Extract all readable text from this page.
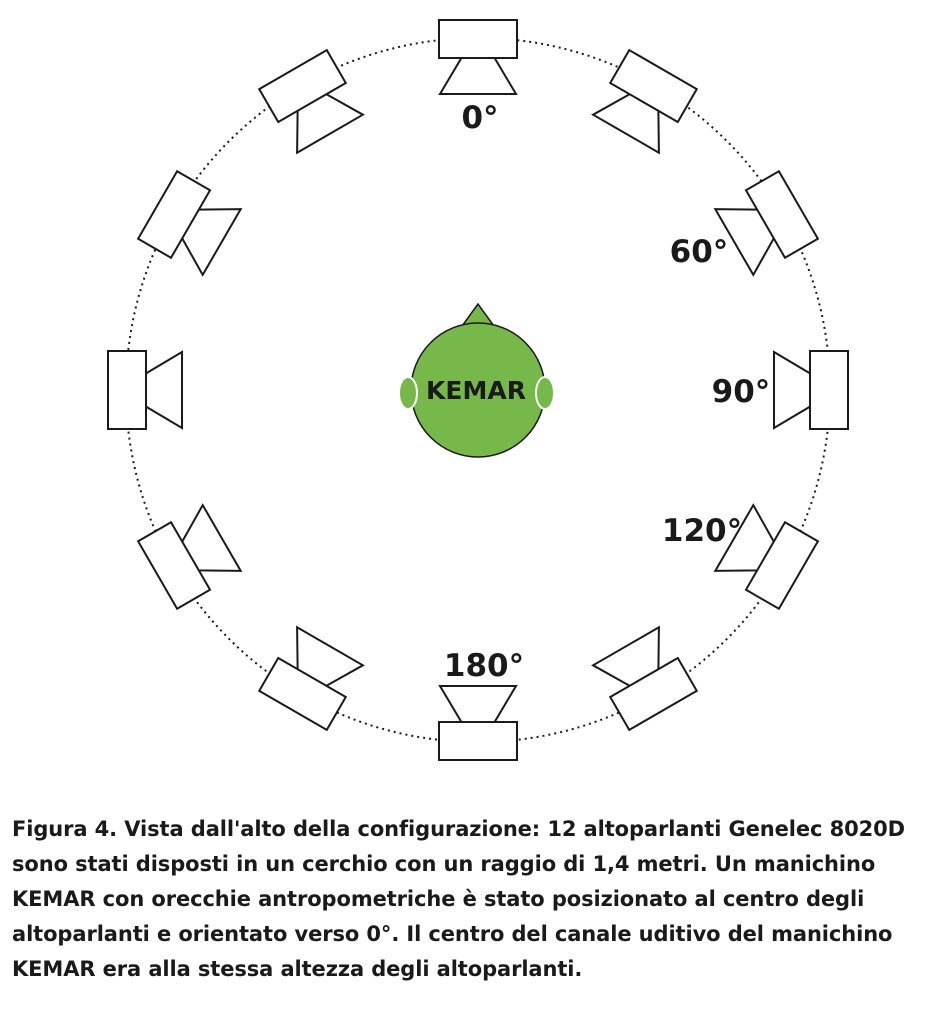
KEMAR
0°
60°
90°
120°
180°

Figura 4. Vista dall'alto della configurazione: 12 altoparlanti Genelec 8020D sono stati disposti in un cerchio con un raggio di 1,4 metri. Un manichino KEMAR con orecchie antropometriche è stato posizionato al centro degli altoparlanti e orientato verso 0°. Il centro del canale uditivo del manichino KEMAR era alla stessa altezza degli altoparlanti.
